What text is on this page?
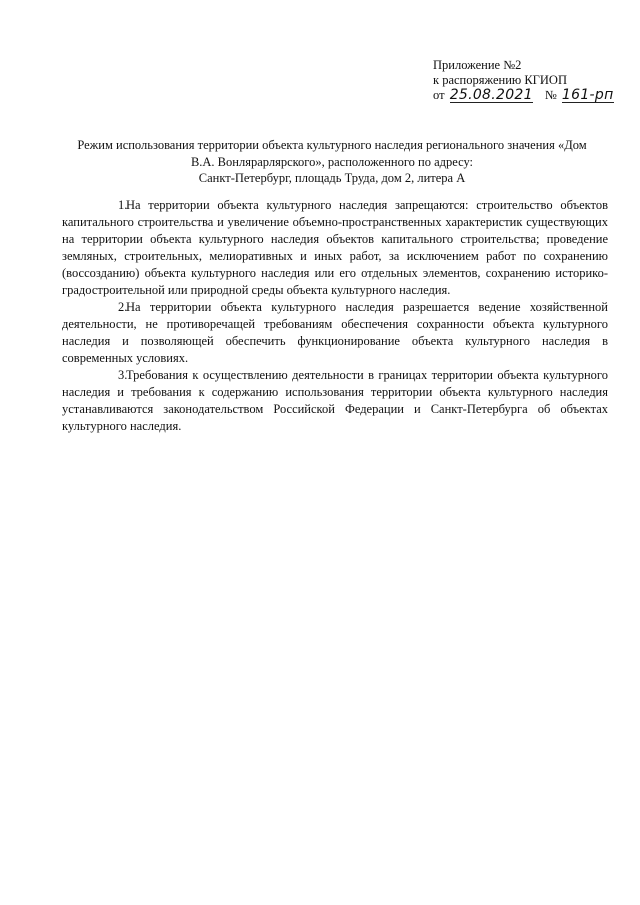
Приложение №2
к распоряжению КГИОП
от 25.08.2021 № 161-рп
Режим использования территории объекта культурного наследия регионального значения «Дом
В.А. Вонлярарлярского», расположенного по адресу:
Санкт-Петербург, площадь Труда, дом 2, литера А

1.На территории объекта культурного наследия запрещаются: строительство объектов капитального строительства и увеличение объемно-пространственных характеристик существующих на территории объекта культурного наследия объектов капитального строительства; проведение земляных, строительных, мелиоративных и иных работ, за исключением работ по сохранению (воссозданию) объекта культурного наследия или его отдельных элементов, сохранению историко-градостроительной или природной среды объекта культурного наследия.

2.На территории объекта культурного наследия разрешается ведение хозяйственной деятельности, не противоречащей требованиям обеспечения сохранности объекта культурного наследия и позволяющей обеспечить функционирование объекта культурного наследия в современных условиях.

3.Требования к осуществлению деятельности в границах территории объекта культурного наследия и требования к содержанию использования территории объекта культурного наследия устанавливаются законодательством Российской Федерации и Санкт-Петербурга об объектах культурного наследия.
